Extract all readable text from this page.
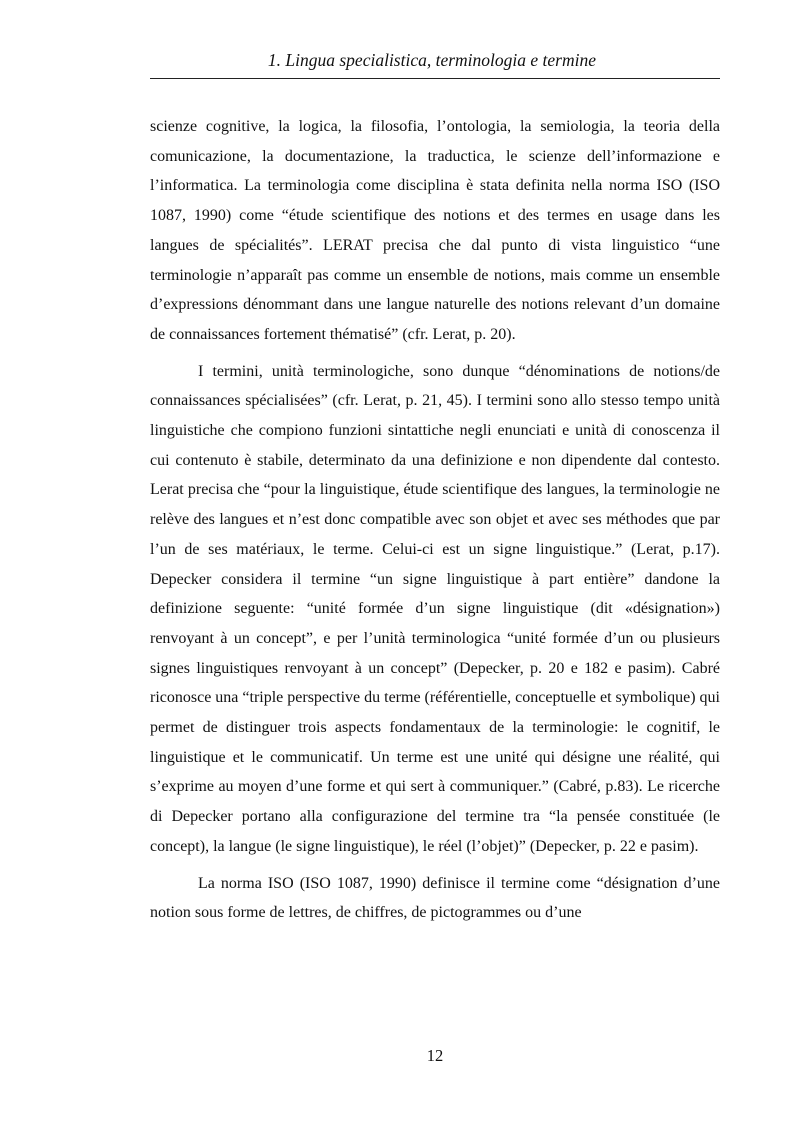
1. Lingua specialistica, terminologia e termine

scienze cognitive, la logica, la filosofia, l’ontologia, la semiologia, la teoria della comunicazione, la documentazione, la traductica, le scienze dell’informazione e l’informatica. La terminologia come disciplina è stata definita nella norma ISO (ISO 1087, 1990) come “étude scientifique des notions et des termes en usage dans les langues de spécialités”. LERAT precisa che dal punto di vista linguistico “une terminologie n’apparaît pas comme un ensemble de notions, mais comme un ensemble d’expressions dénommant dans une langue naturelle des notions relevant d’un domaine de connaissances fortement thématisé” (cfr. Lerat, p. 20).

I termini, unità terminologiche, sono dunque “dénominations de notions/de connaissances spécialisées” (cfr. Lerat, p. 21, 45). I termini sono allo stesso tempo unità linguistiche che compiono funzioni sintattiche negli enunciati e unità di conoscenza il cui contenuto è stabile, determinato da una definizione e non dipendente dal contesto. Lerat precisa che “pour la linguistique, étude scientifique des langues, la terminologie ne relève des langues et n’est donc compatible avec son objet et avec ses méthodes que par l’un de ses matériaux, le terme. Celui-ci est un signe linguistique.” (Lerat, p.17). Depecker considera il termine “un signe linguistique à part entière” dandone la definizione seguente: “unité formée d’un signe linguistique (dit «désignation») renvoyant à un concept”, e per l’unità terminologica “unité formée d’un ou plusieurs signes linguistiques renvoyant à un concept” (Depecker, p. 20 e 182 e pasim). Cabré riconosce una “triple perspective du terme (référentielle, conceptuelle et symbolique) qui permet de distinguer trois aspects fondamentaux de la terminologie: le cognitif, le linguistique et le communicatif. Un terme est une unité qui désigne une réalité, qui s’exprime au moyen d’une forme et qui sert à communiquer.” (Cabré, p.83). Le ricerche di Depecker portano alla configurazione del termine tra “la pensée constituée (le concept), la langue (le signe linguistique), le réel (l’objet)” (Depecker, p. 22 e pasim).

La norma ISO (ISO 1087, 1990) definisce il termine come “désignation d’une notion sous forme de lettres, de chiffres, de pictogrammes ou d’une

12
